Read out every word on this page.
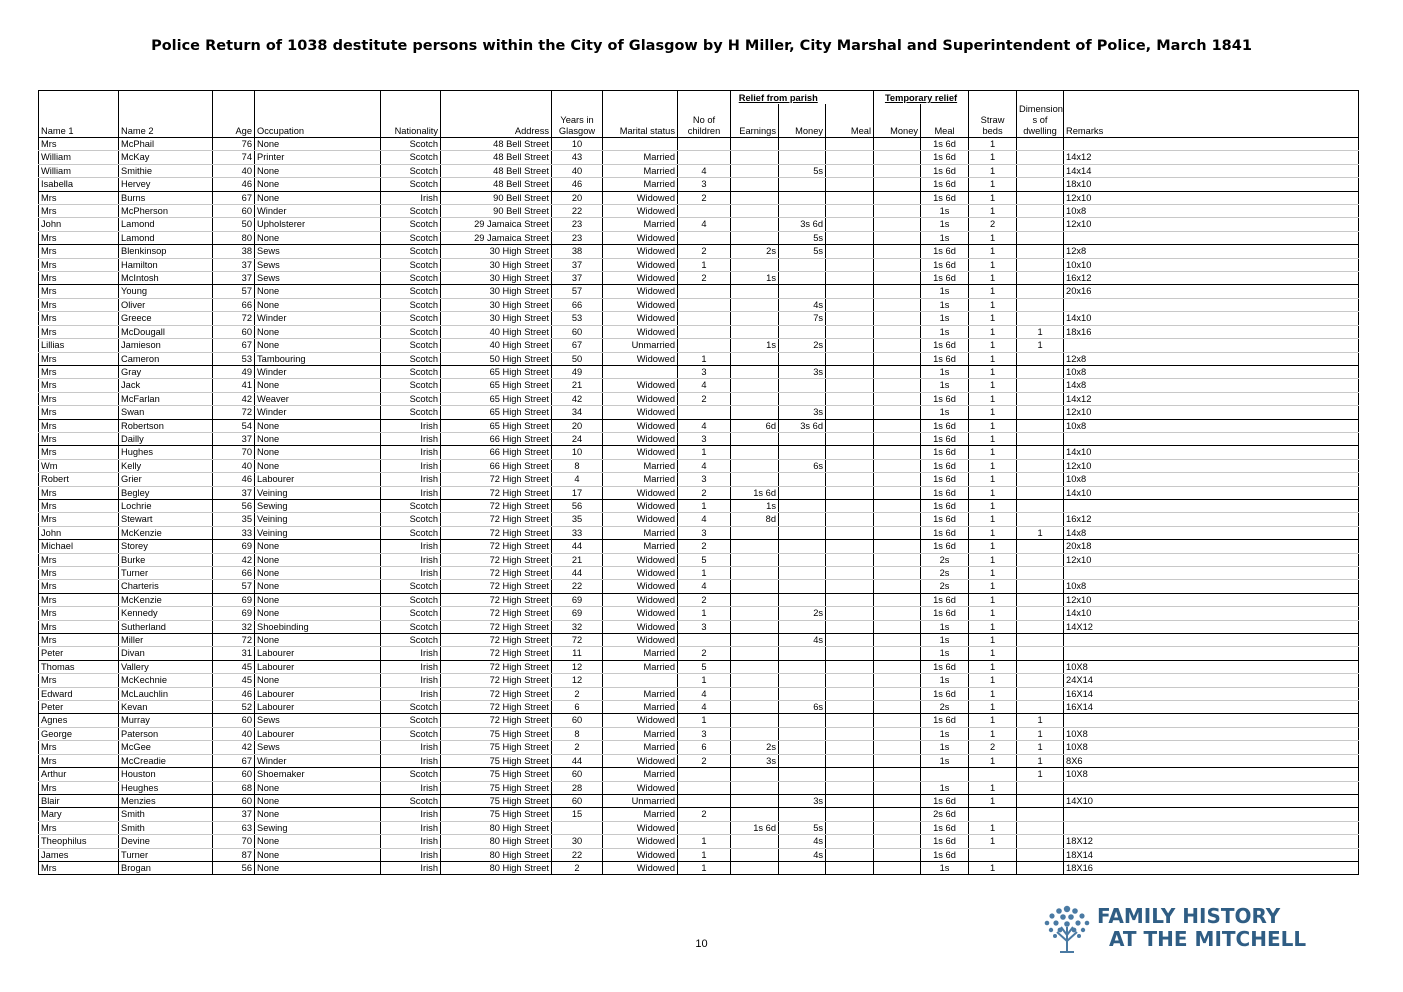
Police Return of 1038 destitute persons within the City of Glasgow by H Miller, City Marshal and Superintendent of Police, March 1841
									Relief from parish			Temporary relief				
Name 1	Name 2	Age	Occupation	Nationality	Address	Years in
Glasgow	Marital status	No of
children	Earnings	Money	Meal	Money	Meal	Straw
beds	Dimension
s of
dwelling	Remarks
Mrs	McPhail	76	None	Scotch	48 Bell Street	10							1s 6d	1		
William	McKay	74	Printer	Scotch	48 Bell Street	43	Married						1s 6d	1		14x12
William	Smithie	40	None	Scotch	48 Bell Street	40	Married	4		5s			1s 6d	1		14x14
Isabella	Hervey	46	None	Scotch	48 Bell Street	46	Married	3					1s 6d	1		18x10
Mrs	Burns	67	None	Irish	90 Bell Street	20	Widowed	2					1s 6d	1		12x10
Mrs	McPherson	60	Winder	Scotch	90 Bell Street	22	Widowed						1s	1		10x8
John	Lamond	50	Upholsterer	Scotch	29 Jamaica Street	23	Married	4		3s 6d			1s	2		12x10
Mrs	Lamond	80	None	Scotch	29 Jamaica Street	23	Widowed			5s			1s	1		
Mrs	Blenkinsop	38	Sews	Scotch	30 High Street	38	Widowed	2	2s	5s			1s 6d	1		12x8
Mrs	Hamilton	37	Sews	Scotch	30 High Street	37	Widowed	1					1s 6d	1		10x10
Mrs	McIntosh	37	Sews	Scotch	30 High Street	37	Widowed	2	1s				1s 6d	1		16x12
Mrs	Young	57	None	Scotch	30 High Street	57	Widowed						1s	1		20x16
Mrs	Oliver	66	None	Scotch	30 High Street	66	Widowed			4s			1s	1		
Mrs	Greece	72	Winder	Scotch	30 High Street	53	Widowed			7s			1s	1		14x10
Mrs	McDougall	60	None	Scotch	40 High Street	60	Widowed						1s	1	1	18x16
Lillias	Jamieson	67	None	Scotch	40 High Street	67	Unmarried		1s	2s			1s 6d	1	1	
Mrs	Cameron	53	Tambouring	Scotch	50 High Street	50	Widowed	1					1s 6d	1		12x8
Mrs	Gray	49	Winder	Scotch	65 High Street	49		3		3s			1s	1		10x8
Mrs	Jack	41	None	Scotch	65 High Street	21	Widowed	4					1s	1		14x8
Mrs	McFarlan	42	Weaver	Scotch	65 High Street	42	Widowed	2					1s 6d	1		14x12
Mrs	Swan	72	Winder	Scotch	65 High Street	34	Widowed			3s			1s	1		12x10
Mrs	Robertson	54	None	Irish	65 High Street	20	Widowed	4	6d	3s 6d			1s 6d	1		10x8
Mrs	Dailly	37	None	Irish	66 High Street	24	Widowed	3					1s 6d	1		
Mrs	Hughes	70	None	Irish	66 High Street	10	Widowed	1					1s 6d	1		14x10
Wm	Kelly	40	None	Irish	66 High Street	8	Married	4		6s			1s 6d	1		12x10
Robert	Grier	46	Labourer	Irish	72 High Street	4	Married	3					1s 6d	1		10x8
Mrs	Begley	37	Veining	Irish	72 High Street	17	Widowed	2	1s 6d				1s 6d	1		14x10
Mrs	Lochrie	56	Sewing	Scotch	72 High Street	56	Widowed	1	1s				1s 6d	1		
Mrs	Stewart	35	Veining	Scotch	72 High Street	35	Widowed	4	8d				1s 6d	1		16x12
John	McKenzie	33	Veining	Scotch	72 High Street	33	Married	3					1s 6d	1	1	14x8
Michael	Storey	69	None	Irish	72 High Street	44	Married	2					1s 6d	1		20x18
Mrs	Burke	42	None	Irish	72 High Street	21	Widowed	5					2s	1		12x10
Mrs	Turner	66	None	Irish	72 High Street	44	Widowed	1					2s	1		
Mrs	Charteris	57	None	Scotch	72 High Street	22	Widowed	4					2s	1		10x8
Mrs	McKenzie	69	None	Scotch	72 High Street	69	Widowed	2					1s 6d	1		12x10
Mrs	Kennedy	69	None	Scotch	72 High Street	69	Widowed	1		2s			1s 6d	1		14x10
Mrs	Sutherland	32	Shoebinding	Scotch	72 High Street	32	Widowed	3					1s	1		14X12
Mrs	Miller	72	None	Scotch	72 High Street	72	Widowed			4s			1s	1		
Peter	Divan	31	Labourer	Irish	72 High Street	11	Married	2					1s	1		
Thomas	Vallery	45	Labourer	Irish	72 High Street	12	Married	5					1s 6d	1		10X8
Mrs	McKechnie	45	None	Irish	72 High Street	12		1					1s	1		24X14
Edward	McLauchlin	46	Labourer	Irish	72 High Street	2	Married	4					1s 6d	1		16X14
Peter	Kevan	52	Labourer	Scotch	72 High Street	6	Married	4		6s			2s	1		16X14
Agnes	Murray	60	Sews	Scotch	72 High Street	60	Widowed	1					1s 6d	1	1	
George	Paterson	40	Labourer	Scotch	75 High Street	8	Married	3					1s	1	1	10X8
Mrs	McGee	42	Sews	Irish	75 High Street	2	Married	6	2s				1s	2	1	10X8
Mrs	McCreadie	67	Winder	Irish	75 High Street	44	Widowed	2	3s				1s	1	1	8X6
Arthur	Houston	60	Shoemaker	Scotch	75 High Street	60	Married								1	10X8
Mrs	Heughes	68	None	Irish	75 High Street	28	Widowed						1s	1		
Blair	Menzies	60	None	Scotch	75 High Street	60	Unmarried			3s			1s 6d	1		14X10
Mary	Smith	37	None	Irish	75 High Street	15	Married	2					2s 6d			
Mrs	Smith	63	Sewing	Irish	80 High Street		Widowed		1s 6d	5s			1s 6d	1		
Theophilus	Devine	70	None	Irish	80 High Street	30	Widowed	1		4s			1s 6d	1		18X12
James	Turner	87	None	Irish	80 High Street	22	Widowed	1		4s			1s 6d			18X14
Mrs	Brogan	56	None	Irish	80 High Street	2	Widowed	1					1s	1		18X16
10
FAMILY HISTORY
AT THE MITCHELL
